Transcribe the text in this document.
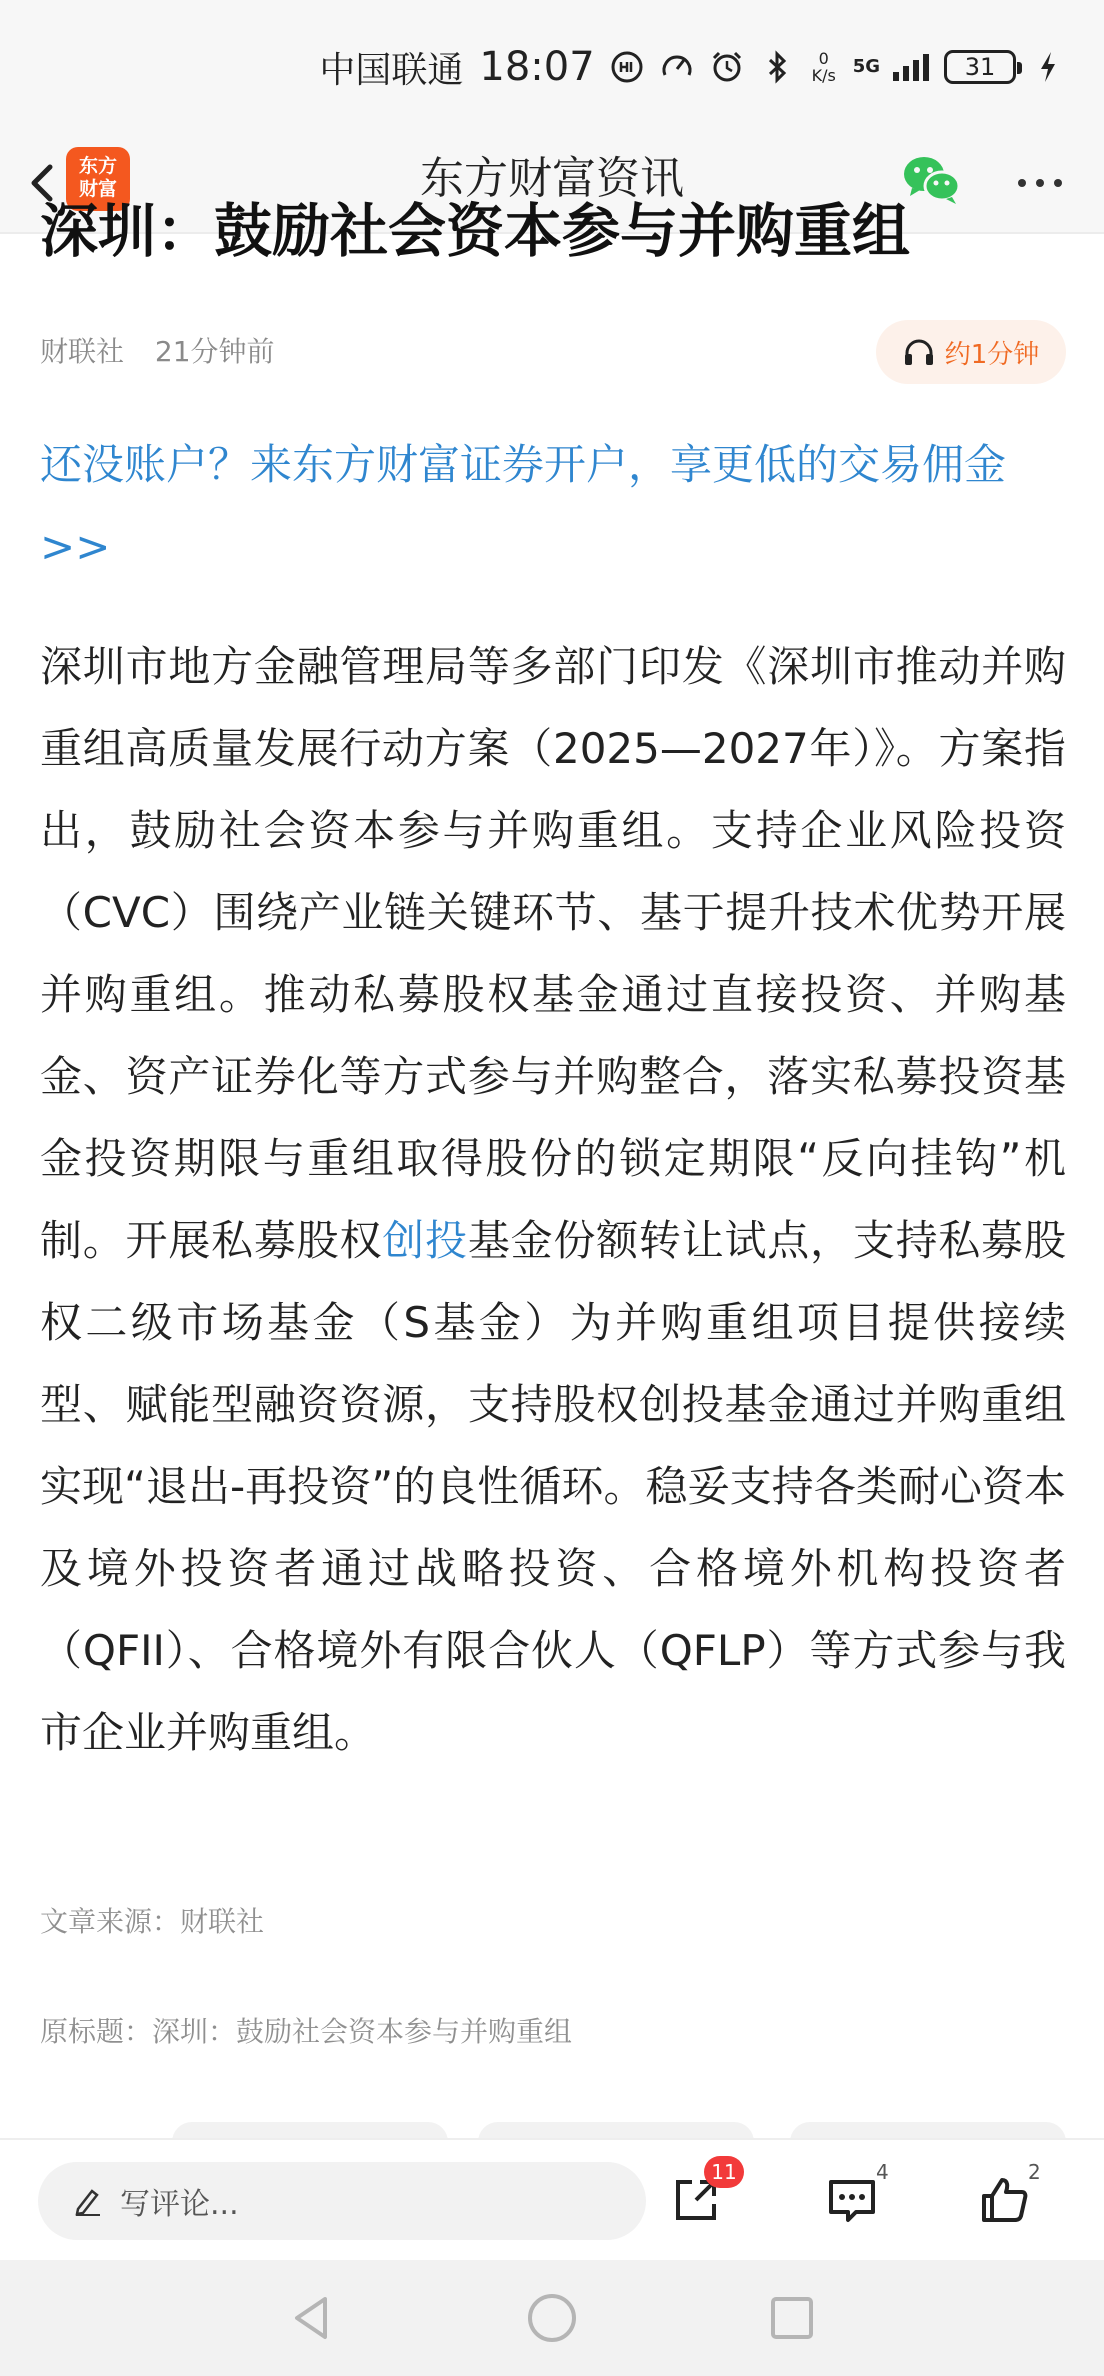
中国联通 18:07	0
K/s 5G	31
东方
财富	东方财富资讯
深圳：鼓励社会资本参与并购重组
财联社 21分钟前	约1分钟
还没账户？来东方财富证券开户，享更低的交易佣金>>
深圳市地方金融管理局等多部门印发《深圳市推动并购重组高质量发展行动方案（2025—2027年）》。方案指出，鼓励社会资本参与并购重组。支持企业风险投资（CVC）围绕产业链关键环节、基于提升技术优势开展并购重组。推动私募股权基金通过直接投资、并购基金、资产证券化等方式参与并购整合，落实私募投资基金投资期限与重组取得股份的锁定期限“反向挂钩”机制。开展私募股权创投基金份额转让试点，支持私募股权二级市场基金（S基金）为并购重组项目提供接续型、赋能型融资资源，支持股权创投基金通过并购重组实现“退出-再投资”的良性循环。稳妥支持各类耐心资本及境外投资者通过战略投资、合格境外机构投资者（QFII）、合格境外有限合伙人（QFLP）等方式参与我市企业并购重组。
文章来源：财联社
原标题：深圳：鼓励社会资本参与并购重组
写评论...
11	4	2
